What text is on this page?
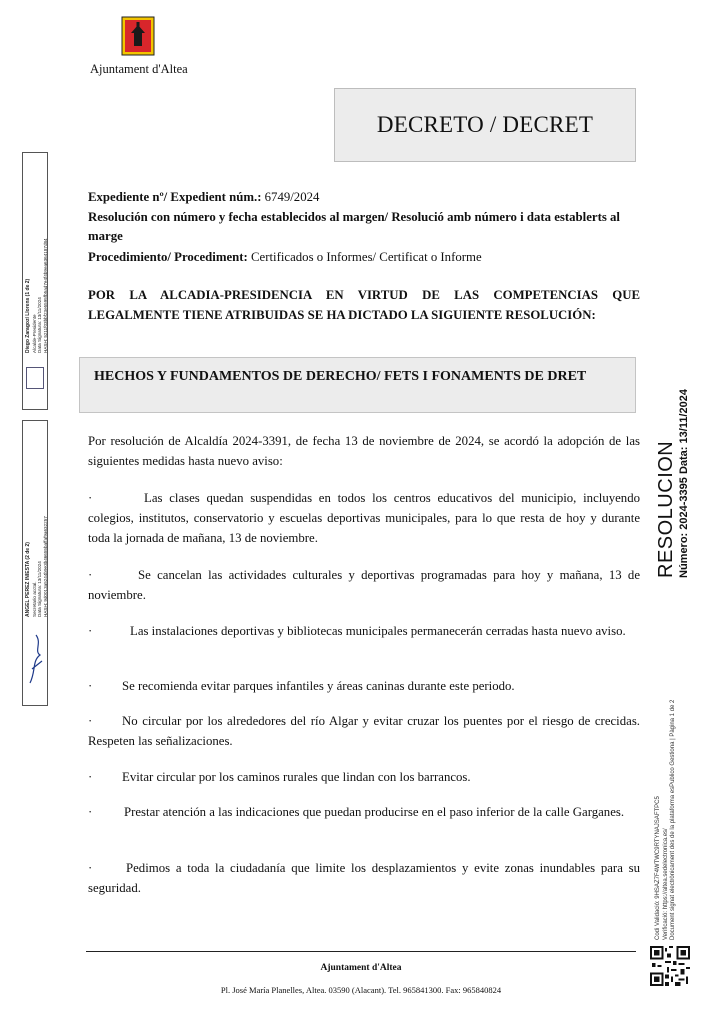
Ajuntament d'Altea
DECRETO / DECRET
Expediente nº/ Expedient núm.: 6749/2024
Resolución con número y fecha establecidos al margen/ Resolució amb número i data establerts al marge
Procedimiento/ Procediment: Certificados o Informes/ Certificat o Informe
POR LA ALCADIA-PRESIDENCIA EN VIRTUD DE LAS COMPETENCIAS QUE LEGALMENTE TIENE ATRIBUIDAS SE HA DICTADO LA SIGUIENTE RESOLUCIÓN:
HECHOS Y FUNDAMENTOS DE DERECHO/ FETS I FONAMENTS DE DRET
Por resolución de Alcaldía 2024-3391, de fecha 13 de noviembre de 2024, se acordó la adopción de las siguientes medidas hasta nuevo aviso:
·	Las clases quedan suspendidas en todos los centros educativos del municipio, incluyendo colegios, institutos, conservatorio y escuelas deportivas municipales, para lo que resta de hoy y durante toda la jornada de mañana, 13 de noviembre.
·	Se cancelan las actividades culturales y deportivas programadas para hoy y mañana, 13 de noviembre.
·	Las instalaciones deportivas y bibliotecas municipales permanecerán cerradas hasta nuevo aviso.
· Se recomienda evitar parques infantiles y áreas caninas durante este periodo.
· No circular por los alrededores del río Algar y evitar cruzar los puentes por el riesgo de crecidas. Respeten las señalizaciones.
· Evitar circular por los caminos rurales que lindan con los barrancos.
· Prestar atención a las indicaciones que puedan producirse en el paso inferior de la calle Garganes.
·	Pedimos a toda la ciudadanía que limite los desplazamientos y evite zonas inundables para su seguridad.
Ajuntament d'Altea
Pl. José María Planelles, Altea. 03590 (Alacant). Tel. 965841300. Fax: 965840824
RESOLUCION Número: 2024-3395 Data: 13/11/2024
Codi Validació: 9HSAZ7F4WTWC9RTYNAJSAFTPC5 Verificació: https://altea.sedelectronica.es/ Document signat electrònicament des de la plataforma esPublico Gestiona | Pàgina 1 de 2
Diego Zaragozí Llorens (1 de 2) Alcalde-Presidente Data Signatura: 13/11/2024 HASH: 5211f03bbf23e5595fb5ad7e4f4b9ea6364187d84
ANGEL PEREZ INIESTA (2 de 2) Secretario acctal. Data Signatura: 13/11/2024 HASH: 9d0013a5244b9e3b46655baffaf9a632257
